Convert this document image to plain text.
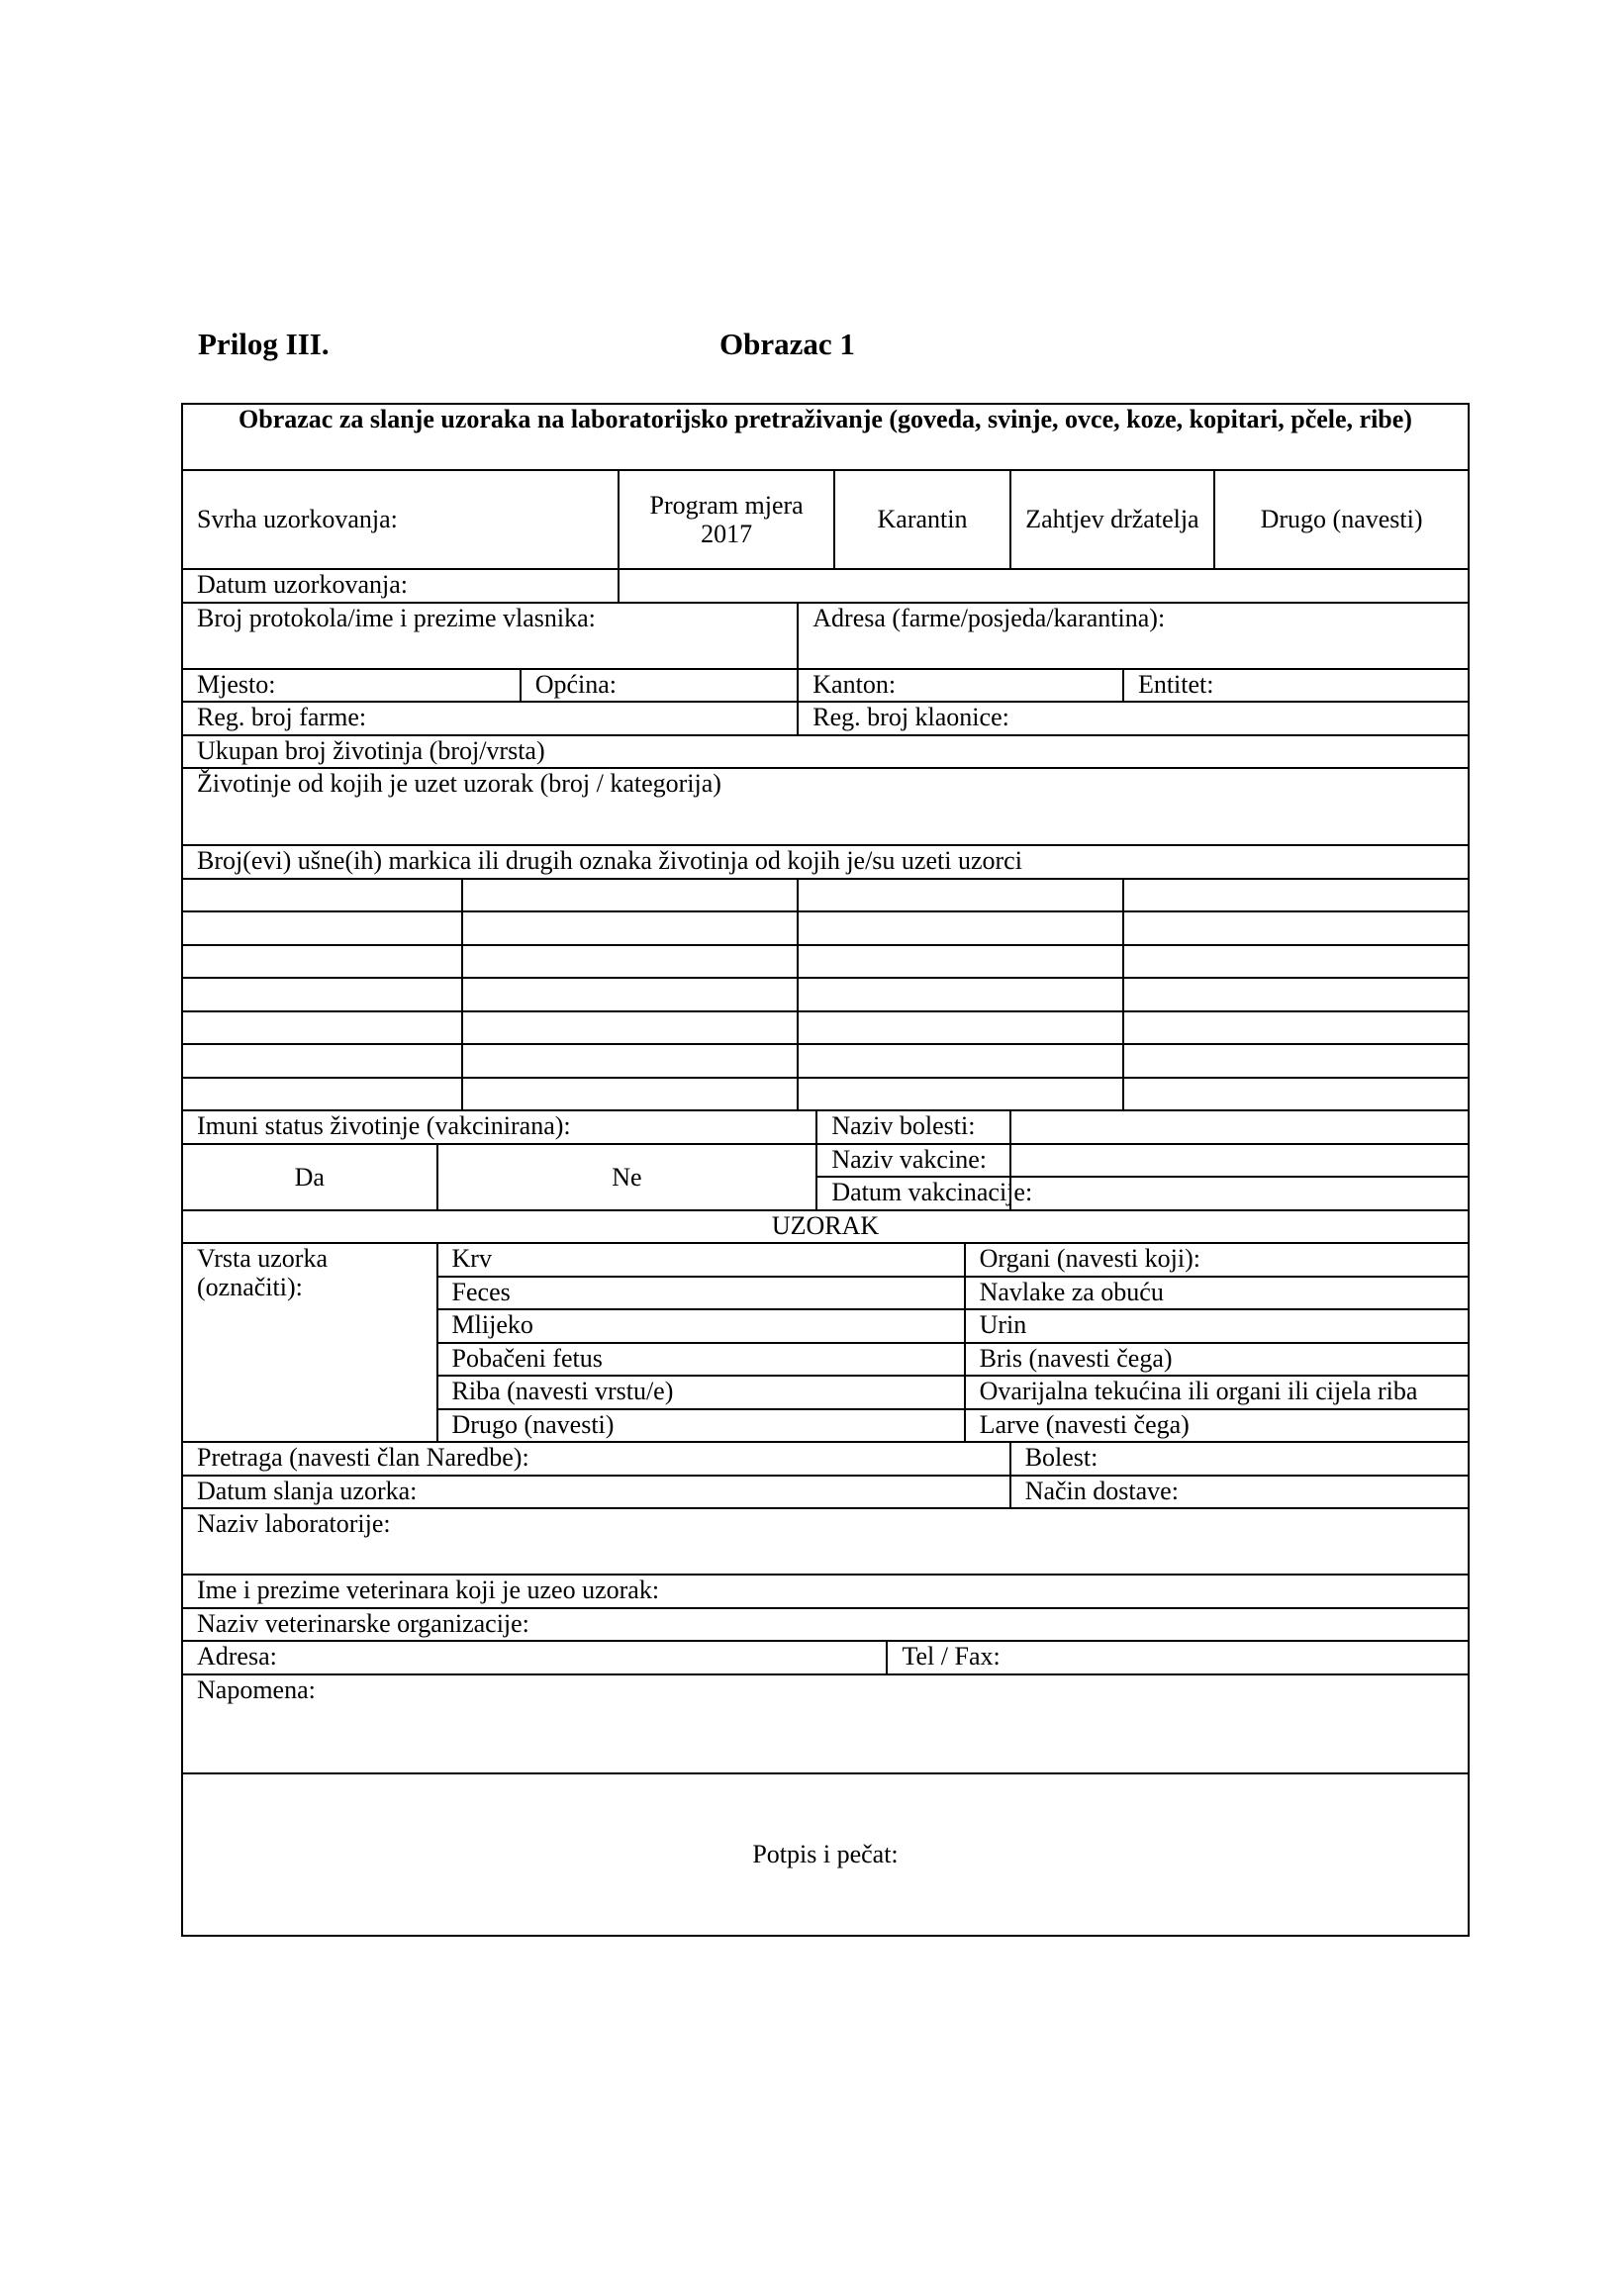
Prilog III.	Obrazac 1
Obrazac za slanje uzoraka na laboratorijsko pretraživanje (goveda, svinje, ovce, koze, kopitari, pčele, ribe)												
Svrha uzorkovanja:				Program mjera 2017			Karantin			Zahtjev držatelja		Drugo (navesti)
Datum uzorkovanja:												
Broj protokola/ime i prezime vlasnika:					Adresa (farme/posjeda/karantina):							
Mjesto:			Općina:		Kanton:						Entitet:	
Reg. broj farme:					Reg. broj klaonice:							
Ukupan broj životinja (broj/vrsta)												
Životinje od kojih je uzet uzorak (broj / kategorija)												
Broj(evi) ušne(ih) markica ili drugih oznaka životinja od kojih je/su uzeti uzorci												

Imuni status životinje (vakcinirana):						Naziv bolesti:						
Da	Ne					Naziv vakcine:						
						Datum vakcinacije:						
UZORAK												
Vrsta uzorka (označiti):	Krv								Organi (navesti koji):			
	Feces								Navlake za obuću			
	Mlijeko								Urin			
	Pobačeni fetus								Bris (navesti čega)			
	Riba (navesti vrstu/e)								Ovarijalna tekućina ili organi ili cijela riba			
	Drugo (navesti)								Larve (navesti čega)			
Pretraga (navesti član Naredbe):										Bolest:		
Datum slanja uzorka:										Način dostave:		
Naziv laboratorije:												

Ime i prezime veterinara koji je uzeo uzorak:												
Naziv veterinarske organizacije:												
Adresa:								Tel / Fax:				
Napomena:												
Potpis i pečat:												
